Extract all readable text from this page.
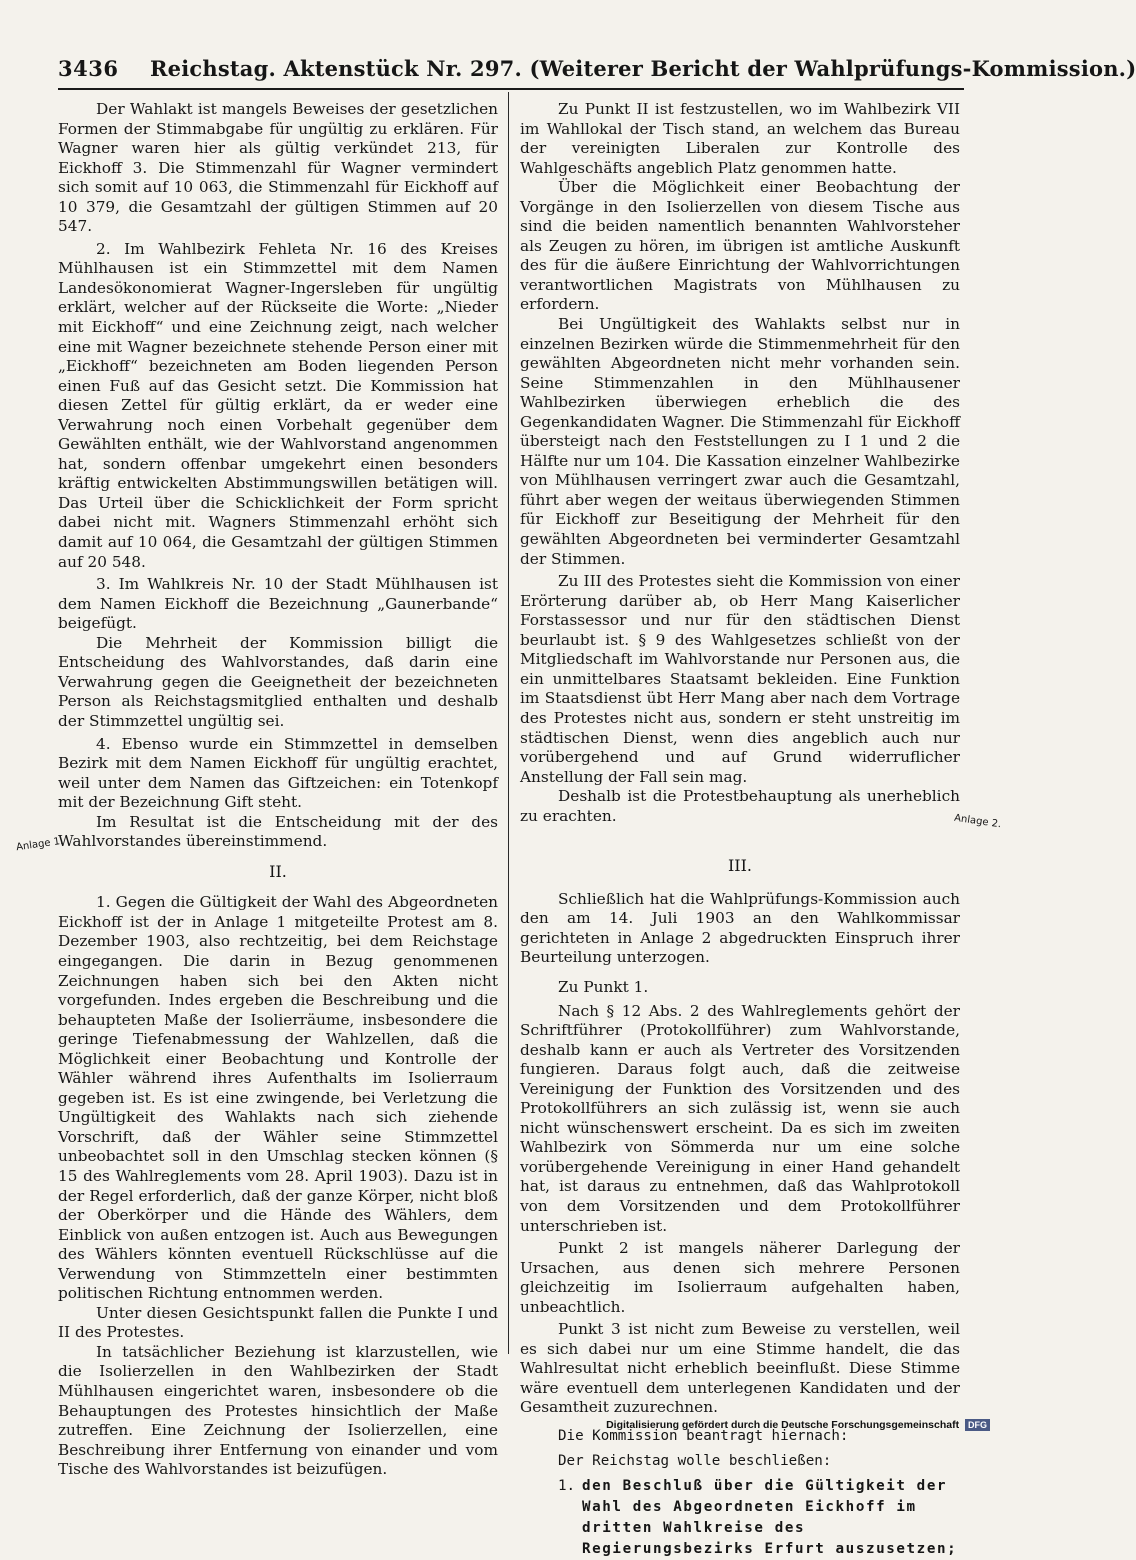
3436 Reichstag. Aktenstück Nr. 297. (Weiterer Bericht der Wahlprüfungs-Kommission.)

Der Wahlakt ist mangels Beweises der gesetzlichen Formen der Stimmabgabe für ungültig zu erklären. Für Wagner waren hier als gültig verkündet 213, für Eickhoff 3. Die Stimmenzahl für Wagner vermindert sich somit auf 10 063, die Stimmenzahl für Eickhoff auf 10 379, die Gesamtzahl der gültigen Stimmen auf 20 547.

2. Im Wahlbezirk Fehleta Nr. 16 des Kreises Mühlhausen ist ein Stimmzettel mit dem Namen Landesökonomierat Wagner-Ingersleben für ungültig erklärt, welcher auf der Rückseite die Worte: „Nieder mit Eickhoff“ und eine Zeichnung zeigt, nach welcher eine mit Wagner bezeichnete stehende Person einer mit „Eickhoff“ bezeichneten am Boden liegenden Person einen Fuß auf das Gesicht setzt. Die Kommission hat diesen Zettel für gültig erklärt, da er weder eine Verwahrung noch einen Vorbehalt gegenüber dem Gewählten enthält, wie der Wahlvorstand angenommen hat, sondern offenbar umgekehrt einen besonders kräftig entwickelten Abstimmungswillen betätigen will. Das Urteil über die Schicklichkeit der Form spricht dabei nicht mit. Wagners Stimmenzahl erhöht sich damit auf 10 064, die Gesamtzahl der gültigen Stimmen auf 20 548.

3. Im Wahlkreis Nr. 10 der Stadt Mühlhausen ist dem Namen Eickhoff die Bezeichnung „Gaunerbande“ beigefügt.

Die Mehrheit der Kommission billigt die Entscheidung des Wahlvorstandes, daß darin eine Verwahrung gegen die Geeignetheit der bezeichneten Person als Reichstagsmitglied enthalten und deshalb der Stimmzettel ungültig sei.

4. Ebenso wurde ein Stimmzettel in demselben Bezirk mit dem Namen Eickhoff für ungültig erachtet, weil unter dem Namen das Giftzeichen: ein Totenkopf mit der Bezeichnung Gift steht.

Im Resultat ist die Entscheidung mit der des Wahlvorstandes übereinstimmend.

II.

1. Gegen die Gültigkeit der Wahl des Abgeordneten Eickhoff ist der in Anlage 1 mitgeteilte Protest am 8. Dezember 1903, also rechtzeitig, bei dem Reichstage eingegangen. Die darin in Bezug genommenen Zeichnungen haben sich bei den Akten nicht vorgefunden. Indes ergeben die Beschreibung und die behaupteten Maße der Isolierräume, insbesondere die geringe Tiefenabmessung der Wahlzellen, daß die Möglichkeit einer Beobachtung und Kontrolle der Wähler während ihres Aufenthalts im Isolierraum gegeben ist. Es ist eine zwingende, bei Verletzung die Ungültigkeit des Wahlakts nach sich ziehende Vorschrift, daß der Wähler seine Stimmzettel unbeobachtet soll in den Umschlag stecken können (§ 15 des Wahlreglements vom 28. April 1903). Dazu ist in der Regel erforderlich, daß der ganze Körper, nicht bloß der Oberkörper und die Hände des Wählers, dem Einblick von außen entzogen ist. Auch aus Bewegungen des Wählers könnten eventuell Rückschlüsse auf die Verwendung von Stimmzetteln einer bestimmten politischen Richtung entnommen werden.

Unter diesen Gesichtspunkt fallen die Punkte I und II des Protestes.

In tatsächlicher Beziehung ist klarzustellen, wie die Isolierzellen in den Wahlbezirken der Stadt Mühlhausen eingerichtet waren, insbesondere ob die Behauptungen des Protestes hinsichtlich der Maße zutreffen. Eine Zeichnung der Isolierzellen, eine Beschreibung ihrer Entfernung von einander und vom Tische des Wahlvorstandes ist beizufügen.

Zu Punkt II ist festzustellen, wo im Wahlbezirk VII im Wahllokal der Tisch stand, an welchem das Bureau der vereinigten Liberalen zur Kontrolle des Wahlgeschäfts angeblich Platz genommen hatte.

Über die Möglichkeit einer Beobachtung der Vorgänge in den Isolierzellen von diesem Tische aus sind die beiden namentlich benannten Wahlvorsteher als Zeugen zu hören, im übrigen ist amtliche Auskunft des für die äußere Einrichtung der Wahlvorrichtungen verantwortlichen Magistrats von Mühlhausen zu erfordern.

Bei Ungültigkeit des Wahlakts selbst nur in einzelnen Bezirken würde die Stimmenmehrheit für den gewählten Abgeordneten nicht mehr vorhanden sein. Seine Stimmenzahlen in den Mühlhausener Wahlbezirken überwiegen erheblich die des Gegenkandidaten Wagner. Die Stimmenzahl für Eickhoff übersteigt nach den Feststellungen zu I 1 und 2 die Hälfte nur um 104. Die Kassation einzelner Wahlbezirke von Mühlhausen verringert zwar auch die Gesamtzahl, führt aber wegen der weitaus überwiegenden Stimmen für Eickhoff zur Beseitigung der Mehrheit für den gewählten Abgeordneten bei verminderter Gesamtzahl der Stimmen.

Zu III des Protestes sieht die Kommission von einer Erörterung darüber ab, ob Herr Mang Kaiserlicher Forstassessor und nur für den städtischen Dienst beurlaubt ist. § 9 des Wahlgesetzes schließt von der Mitgliedschaft im Wahlvorstande nur Personen aus, die ein unmittelbares Staatsamt bekleiden. Eine Funktion im Staatsdienst übt Herr Mang aber nach dem Vortrage des Protestes nicht aus, sondern er steht unstreitig im städtischen Dienst, wenn dies angeblich auch nur vorübergehend und auf Grund widerruflicher Anstellung der Fall sein mag.

Deshalb ist die Protestbehauptung als unerheblich zu erachten.

III.

Schließlich hat die Wahlprüfungs-Kommission auch den am 14. Juli 1903 an den Wahlkommissar gerichteten in Anlage 2 abgedruckten Einspruch ihrer Beurteilung unterzogen.

Zu Punkt 1.

Nach § 12 Abs. 2 des Wahlreglements gehört der Schriftführer (Protokollführer) zum Wahlvorstande, deshalb kann er auch als Vertreter des Vorsitzenden fungieren. Daraus folgt auch, daß die zeitweise Vereinigung der Funktion des Vorsitzenden und des Protokollführers an sich zulässig ist, wenn sie auch nicht wünschenswert erscheint. Da es sich im zweiten Wahlbezirk von Sömmerda nur um eine solche vorübergehende Vereinigung in einer Hand gehandelt hat, ist daraus zu entnehmen, daß das Wahlprotokoll von dem Vorsitzenden und dem Protokollführer unterschrieben ist.

Punkt 2 ist mangels näherer Darlegung der Ursachen, aus denen sich mehrere Personen gleichzeitig im Isolierraum aufgehalten haben, unbeachtlich.

Punkt 3 ist nicht zum Beweise zu verstellen, weil es sich dabei nur um eine Stimme handelt, die das Wahlresultat nicht erheblich beeinflußt. Diese Stimme wäre eventuell dem unterlegenen Kandidaten und der Gesamtheit zuzurechnen.

Die Kommission beantragt hiernach:

Der Reichstag wolle beschließen:

1. den Beschluß über die Gültigkeit der Wahl des Abgeordneten Eickhoff im dritten Wahlkreise des Regierungsbezirks Erfurt auszusetzen;
Anlage 1.
Anlage 2.
Digitalisierung gefördert durch die Deutsche Forschungsgemeinschaft DFG
